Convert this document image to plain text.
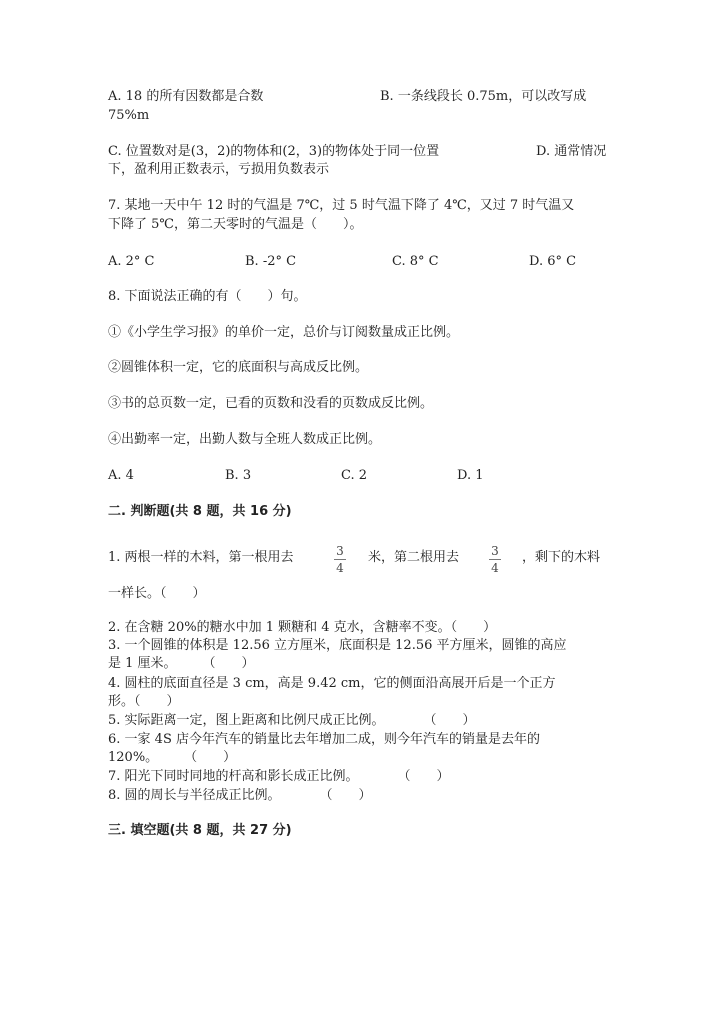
A. 18 的所有因数都是合数	B. 一条线段长 0.75m，可以改写成
75%m
C. 位置数对是(3，2)的物体和(2，3)的物体处于同一位置	D. 通常情况
下，盈利用正数表示，亏损用负数表示
7. 某地一天中午 12 时的气温是 7℃，过 5 时气温下降了 4℃，又过 7 时气温又
下降了 5℃，第二天零时的气温是（　　）。
A. 2° C	B. -2° C	C. 8° C	D. 6° C
8. 下面说法正确的有（　　）句。
①《小学生学习报》的单价一定，总价与订阅数量成正比例。
②圆锥体积一定，它的底面积与高成反比例。
③书的总页数一定，已看的页数和没看的页数成反比例。
④出勤率一定，出勤人数与全班人数成正比例。
A. 4	B. 3	C. 2	D. 1
二. 判断题(共 8 题，共 16 分)
1. 两根一样的木料，第一根用去	3
4
米，第二根用去	3
4
，剩下的木料
一样长。（　　）
2. 在含糖 20%的糖水中加 1 颗糖和 4 克水，含糖率不变。（　　）
3. 一个圆锥的体积是 12.56 立方厘米，底面积是 12.56 平方厘米，圆锥的高应
是 1 厘米。　　　（　　）
4. 圆柱的底面直径是 3 cm，高是 9.42 cm，它的侧面沿高展开后是一个正方
形。（　　）
5. 实际距离一定，图上距离和比例尺成正比例。　　　　（　　）
6. 一家 4S 店今年汽车的销量比去年增加二成，则今年汽车的销量是去年的
120%。　　　（　　）
7. 阳光下同时同地的杆高和影长成正比例。　　　　（　　）
8. 圆的周长与半径成正比例。　　　　（　　）
三. 填空题(共 8 题，共 27 分)
